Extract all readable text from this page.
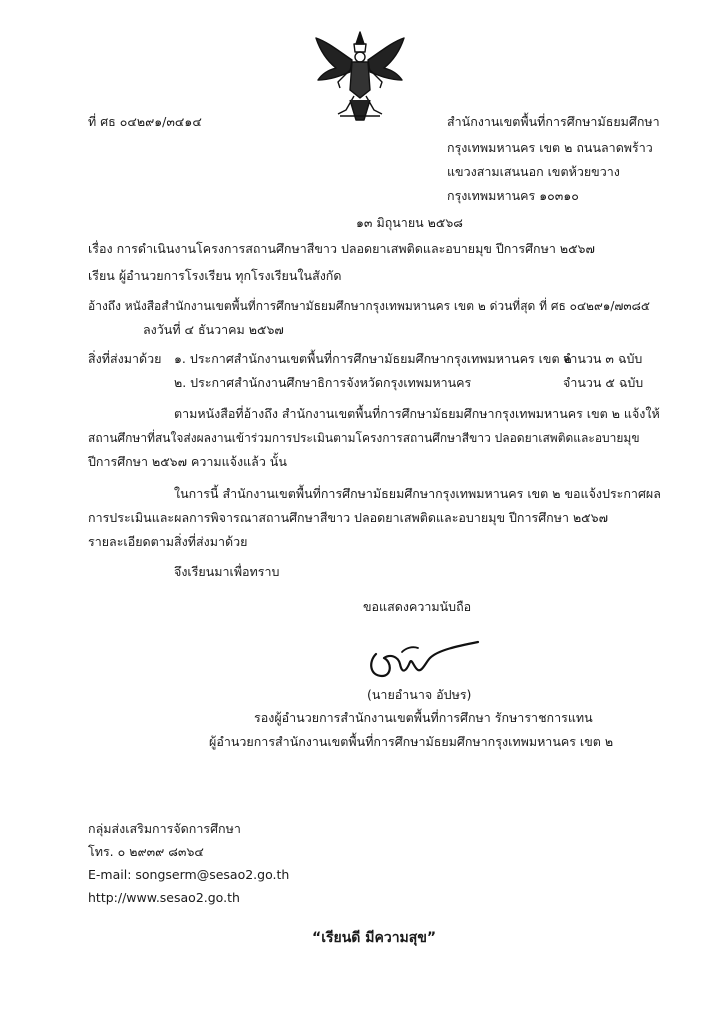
ที่ ศธ ๐๔๒๙๑/๓๔๑๔	สำนักงานเขตพื้นที่การศึกษามัธยมศึกษา
กรุงเทพมหานคร เขต ๒ ถนนลาดพร้าว
แขวงสามเสนนอก เขตห้วยขวาง
กรุงเทพมหานคร ๑๐๓๑๐
๑๓ มิถุนายน ๒๕๖๘
เรื่อง การดำเนินงานโครงการสถานศึกษาสีขาว ปลอดยาเสพติดและอบายมุข ปีการศึกษา ๒๕๖๗
เรียน ผู้อำนวยการโรงเรียน ทุกโรงเรียนในสังกัด
อ้างถึง หนังสือสำนักงานเขตพื้นที่การศึกษามัธยมศึกษากรุงเทพมหานคร เขต ๒ ด่วนที่สุด ที่ ศธ ๐๔๒๙๑/๗๓๘๕
ลงวันที่ ๔ ธันวาคม ๒๕๖๗
สิ่งที่ส่งมาด้วย ๑. ประกาศสำนักงานเขตพื้นที่การศึกษามัธยมศึกษากรุงเทพมหานคร เขต ๒
จำนวน ๓ ฉบับ
๒. ประกาศสำนักงานศึกษาธิการจังหวัดกรุงเทพมหานคร	จำนวน ๕ ฉบับ
ตามหนังสือที่อ้างถึง สำนักงานเขตพื้นที่การศึกษามัธยมศึกษากรุงเทพมหานคร เขต ๒ แจ้งให้
สถานศึกษาที่สนใจส่งผลงานเข้าร่วมการประเมินตามโครงการสถานศึกษาสีขาว ปลอดยาเสพติดและอบายมุข
ปีการศึกษา ๒๕๖๗ ความแจ้งแล้ว นั้น
ในการนี้ สำนักงานเขตพื้นที่การศึกษามัธยมศึกษากรุงเทพมหานคร เขต ๒ ขอแจ้งประกาศผล
การประเมินและผลการพิจารณาสถานศึกษาสีขาว ปลอดยาเสพติดและอบายมุข ปีการศึกษา ๒๕๖๗
รายละเอียดตามสิ่งที่ส่งมาด้วย
จึงเรียนมาเพื่อทราบ
ขอแสดงความนับถือ
(นายอำนาจ อัปษร)
รองผู้อำนวยการสำนักงานเขตพื้นที่การศึกษา รักษาราชการแทน
ผู้อำนวยการสำนักงานเขตพื้นที่การศึกษามัธยมศึกษากรุงเทพมหานคร เขต ๒
กลุ่มส่งเสริมการจัดการศึกษา
โทร. ๐ ๒๙๓๙ ๘๓๖๔
E-mail: songserm@sesao2.go.th
http://www.sesao2.go.th
“เรียนดี มีความสุข”
